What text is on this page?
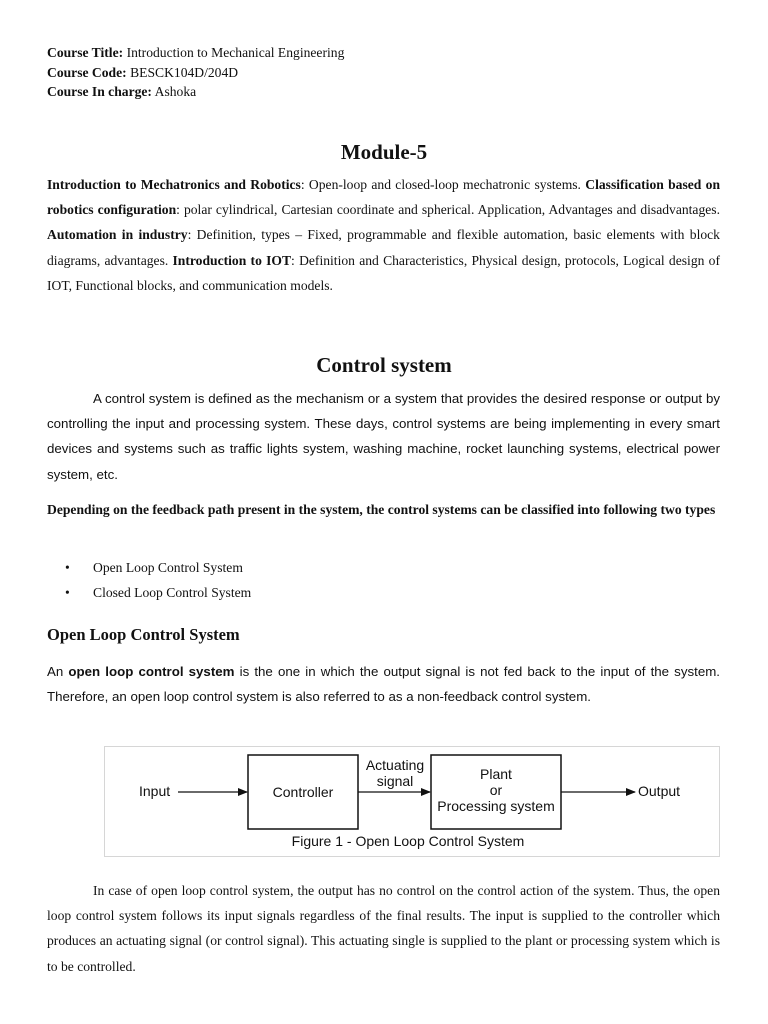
Course Title: Introduction to Mechanical Engineering
Course Code: BESCK104D/204D
Course In charge: Ashoka
Module-5
Introduction to Mechatronics and Robotics: Open-loop and closed-loop mechatronic systems. Classification based on robotics configuration: polar cylindrical, Cartesian coordinate and spherical. Application, Advantages and disadvantages. Automation in industry: Definition, types – Fixed, programmable and flexible automation, basic elements with block diagrams, advantages. Introduction to IOT: Definition and Characteristics, Physical design, protocols, Logical design of IOT, Functional blocks, and communication models.
Control system
A control system is defined as the mechanism or a system that provides the desired response or output by controlling the input and processing system. These days, control systems are being implementing in every smart devices and systems such as traffic lights system, washing machine, rocket launching systems, electrical power system, etc.
Depending on the feedback path present in the system, the control systems can be classified into following two types
• Open Loop Control System
• Closed Loop Control System
Open Loop Control System
An open loop control system is the one in which the output signal is not fed back to the input of the system. Therefore, an open loop control system is also referred to as a non-feedback control system.
Input	Controller
Actuating
signal	Plant
or
Processing system
Output
Figure 1 - Open Loop Control System
In case of open loop control system, the output has no control on the control action of the system. Thus, the open loop control system follows its input signals regardless of the final results. The input is supplied to the controller which produces an actuating signal (or control signal). This actuating single is supplied to the plant or processing system which is to be controlled.
